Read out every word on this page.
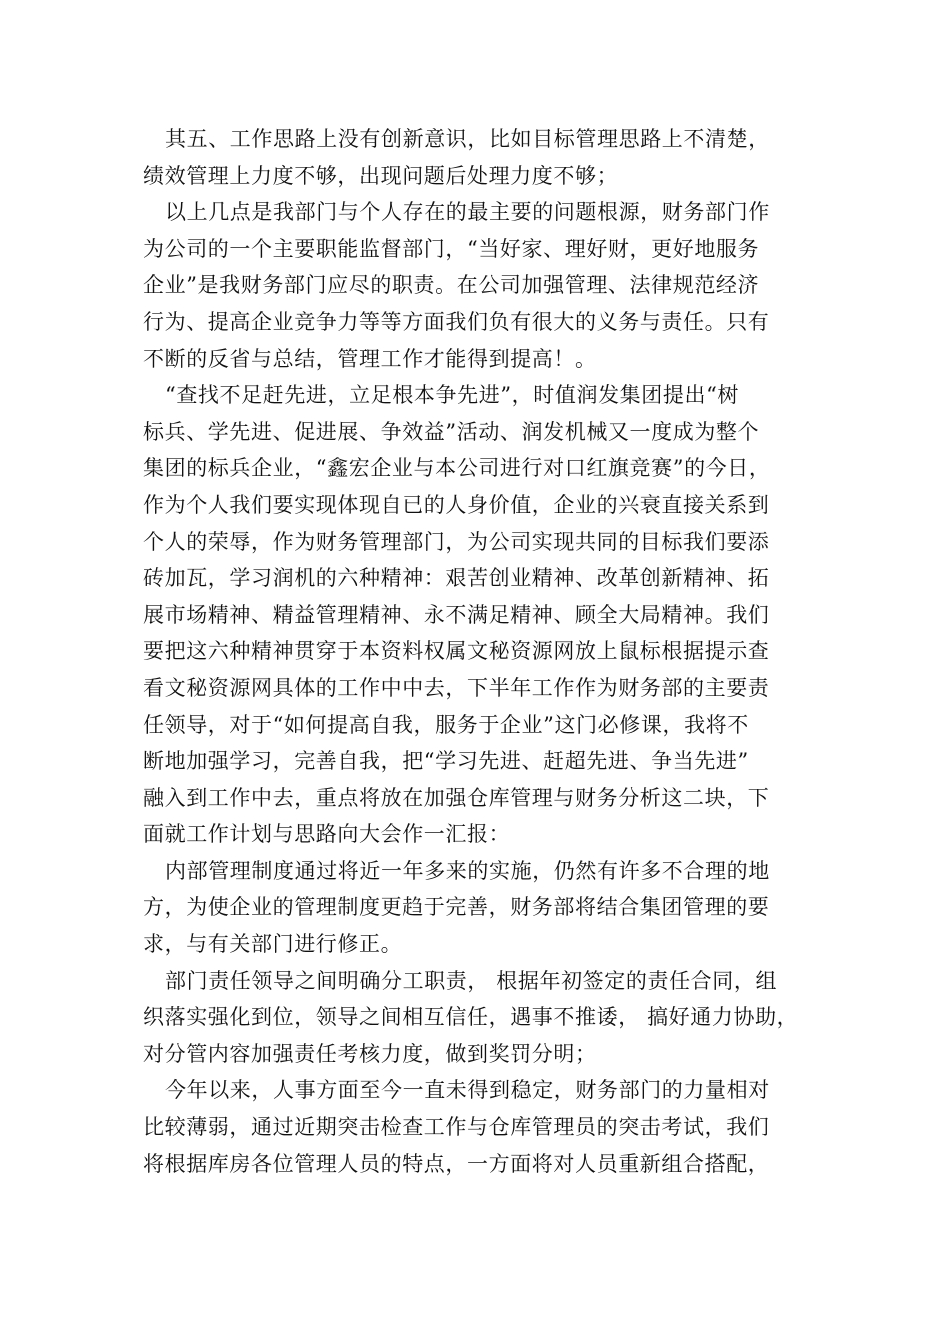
其五、工作思路上没有创新意识，比如目标管理思路上不清楚，
绩效管理上力度不够，出现问题后处理力度不够；
以上几点是我部门与个人存在的最主要的问题根源，财务部门作
为公司的一个主要职能监督部门，“当好家、理好财，更好地服务
企业”是我财务部门应尽的职责。在公司加强管理、法律规范经济
行为、提高企业竞争力等等方面我们负有很大的义务与责任。只有
不断的反省与总结，管理工作才能得到提高！。
“查找不足赶先进，立足根本争先进”，时值润发集团提出“树
标兵、学先进、促进展、争效益”活动、润发机械又一度成为整个
集团的标兵企业，“鑫宏企业与本公司进行对口红旗竞赛”的今日，
作为个人我们要实现体现自已的人身价值，企业的兴衰直接关系到
个人的荣辱，作为财务管理部门，为公司实现共同的目标我们要添
砖加瓦，学习润机的六种精神：艰苦创业精神、改革创新精神、拓
展市场精神、精益管理精神、永不满足精神、顾全大局精神。我们
要把这六种精神贯穿于本资料权属文秘资源网放上鼠标根据提示查
看文秘资源网具体的工作中中去，下半年工作作为财务部的主要责
任领导，对于“如何提高自我，服务于企业”这门必修课，我将不
断地加强学习，完善自我，把“学习先进、赶超先进、争当先进”
融入到工作中去，重点将放在加强仓库管理与财务分析这二块，下
面就工作计划与思路向大会作一汇报：
内部管理制度通过将近一年多来的实施，仍然有许多不合理的地
方，为使企业的管理制度更趋于完善，财务部将结合集团管理的要
求，与有关部门进行修正。
部门责任领导之间明确分工职责， 根据年初签定的责任合同，组
织落实强化到位，领导之间相互信任，遇事不推诿， 搞好通力协助，
对分管内容加强责任考核力度，做到奖罚分明；
今年以来，人事方面至今一直未得到稳定，财务部门的力量相对
比较薄弱，通过近期突击检查工作与仓库管理员的突击考试，我们
将根据库房各位管理人员的特点，一方面将对人员重新组合搭配，
